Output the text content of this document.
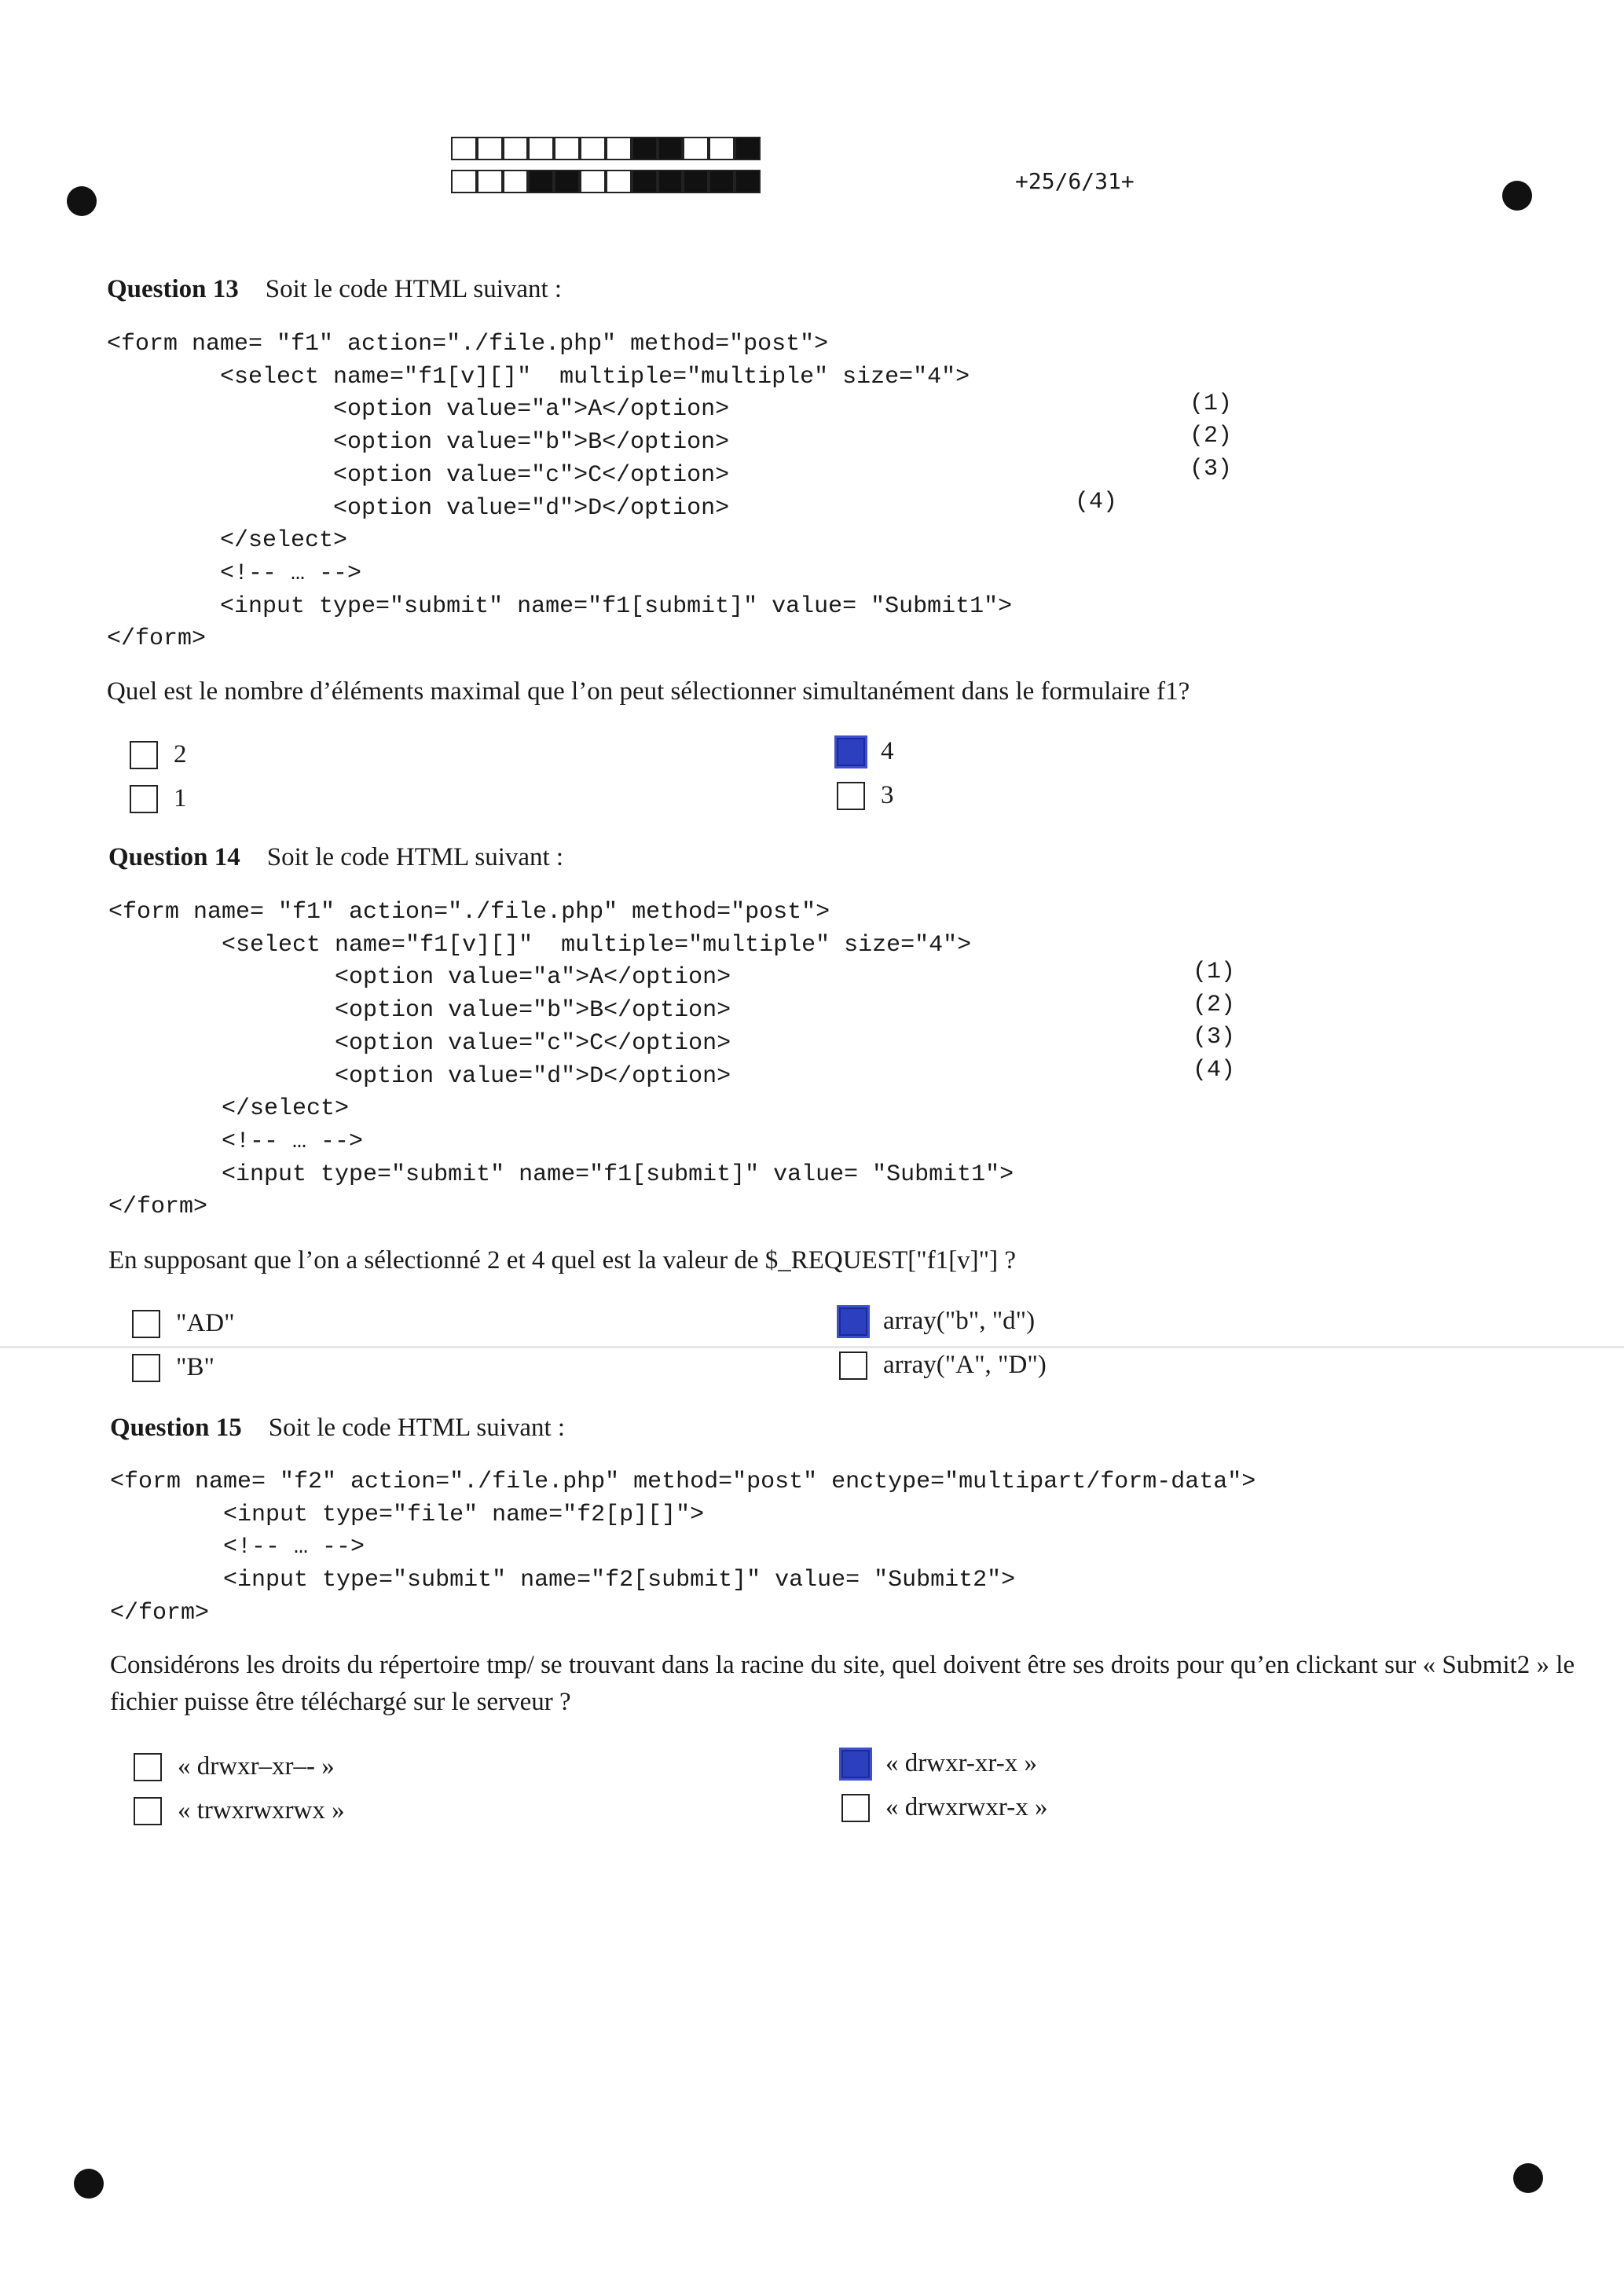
+25/6/31+
Question 13 Soit le code HTML suivant :
<form name= "f1" action="./file.php" method="post">
<select name="f1[v][]"  multiple="multiple" size="4">
<option value="a">A</option>
<option value="b">B</option>
<option value="c">C</option>
<option value="d">D</option>
</select>
<!-- … -->
<input type="submit" name="f1[submit]" value= "Submit1">
</form>
(1)
(2)
(3)
(4)
Quel est le nombre d’éléments maximal que l’on peut sélectionner simultanément dans le formulaire f1?
2	4
1	3
Question 14 Soit le code HTML suivant :
<form name= "f1" action="./file.php" method="post">
<select name="f1[v][]"  multiple="multiple" size="4">
<option value="a">A</option>
<option value="b">B</option>
<option value="c">C</option>
<option value="d">D</option>
</select>
<!-- … -->
<input type="submit" name="f1[submit]" value= "Submit1">
</form>
(1)
(2)
(3)
(4)
En supposant que l’on a sélectionné 2 et 4 quel est la valeur de $_REQUEST["f1[v]"] ?
"AD"	array("b", "d")
"B"	array("A", "D")
Question 15 Soit le code HTML suivant :
<form name= "f2" action="./file.php" method="post" enctype="multipart/form-data">
<input type="file" name="f2[p][]">
<!-- … -->
<input type="submit" name="f2[submit]" value= "Submit2">
</form>
Considérons les droits du répertoire tmp/ se trouvant dans la racine du site, quel doivent être ses droits pour qu’en clickant sur « Submit2 » le fichier puisse être téléchargé sur le serveur ?
« drwxr–xr–- »	« drwxr-xr-x »
« trwxrwxrwx »	« drwxrwxr-x »
